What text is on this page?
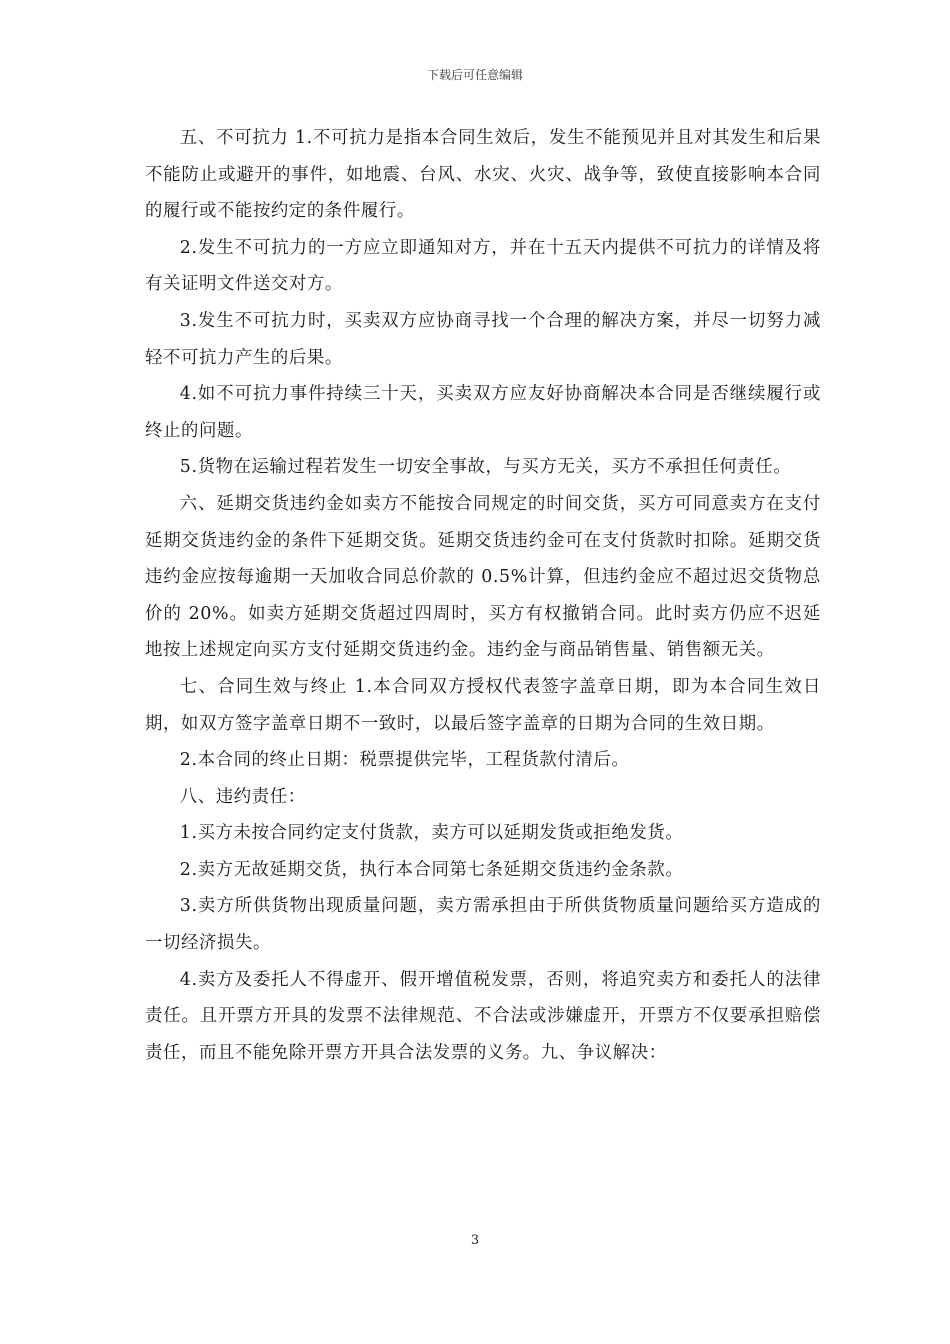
下载后可任意编辑

五、不可抗力 1.不可抗力是指本合同生效后，发生不能预见并且对其发生和后果不能防止或避开的事件，如地震、台风、水灾、火灾、战争等，致使直接影响本合同的履行或不能按约定的条件履行。

2.发生不可抗力的一方应立即通知对方，并在十五天内提供不可抗力的详情及将有关证明文件送交对方。

3.发生不可抗力时，买卖双方应协商寻找一个合理的解决方案，并尽一切努力减轻不可抗力产生的后果。

4.如不可抗力事件持续三十天，买卖双方应友好协商解决本合同是否继续履行或终止的问题。

5.货物在运输过程若发生一切安全事故，与买方无关，买方不承担任何责任。

六、延期交货违约金如卖方不能按合同规定的时间交货，买方可同意卖方在支付延期交货违约金的条件下延期交货。延期交货违约金可在支付货款时扣除。延期交货违约金应按每逾期一天加收合同总价款的 0.5%计算，但违约金应不超过迟交货物总价的 20%。如卖方延期交货超过四周时，买方有权撤销合同。此时卖方仍应不迟延地按上述规定向买方支付延期交货违约金。违约金与商品销售量、销售额无关。

七、合同生效与终止 1.本合同双方授权代表签字盖章日期，即为本合同生效日期，如双方签字盖章日期不一致时，以最后签字盖章的日期为合同的生效日期。

2.本合同的终止日期：税票提供完毕，工程货款付清后。

八、违约责任：

1.买方未按合同约定支付货款，卖方可以延期发货或拒绝发货。

2.卖方无故延期交货，执行本合同第七条延期交货违约金条款。

3.卖方所供货物出现质量问题，卖方需承担由于所供货物质量问题给买方造成的一切经济损失。

4.卖方及委托人不得虚开、假开增值税发票，否则，将追究卖方和委托人的法律责任。且开票方开具的发票不法律规范、不合法或涉嫌虚开，开票方不仅要承担赔偿责任，而且不能免除开票方开具合法发票的义务。九、争议解决：

3
